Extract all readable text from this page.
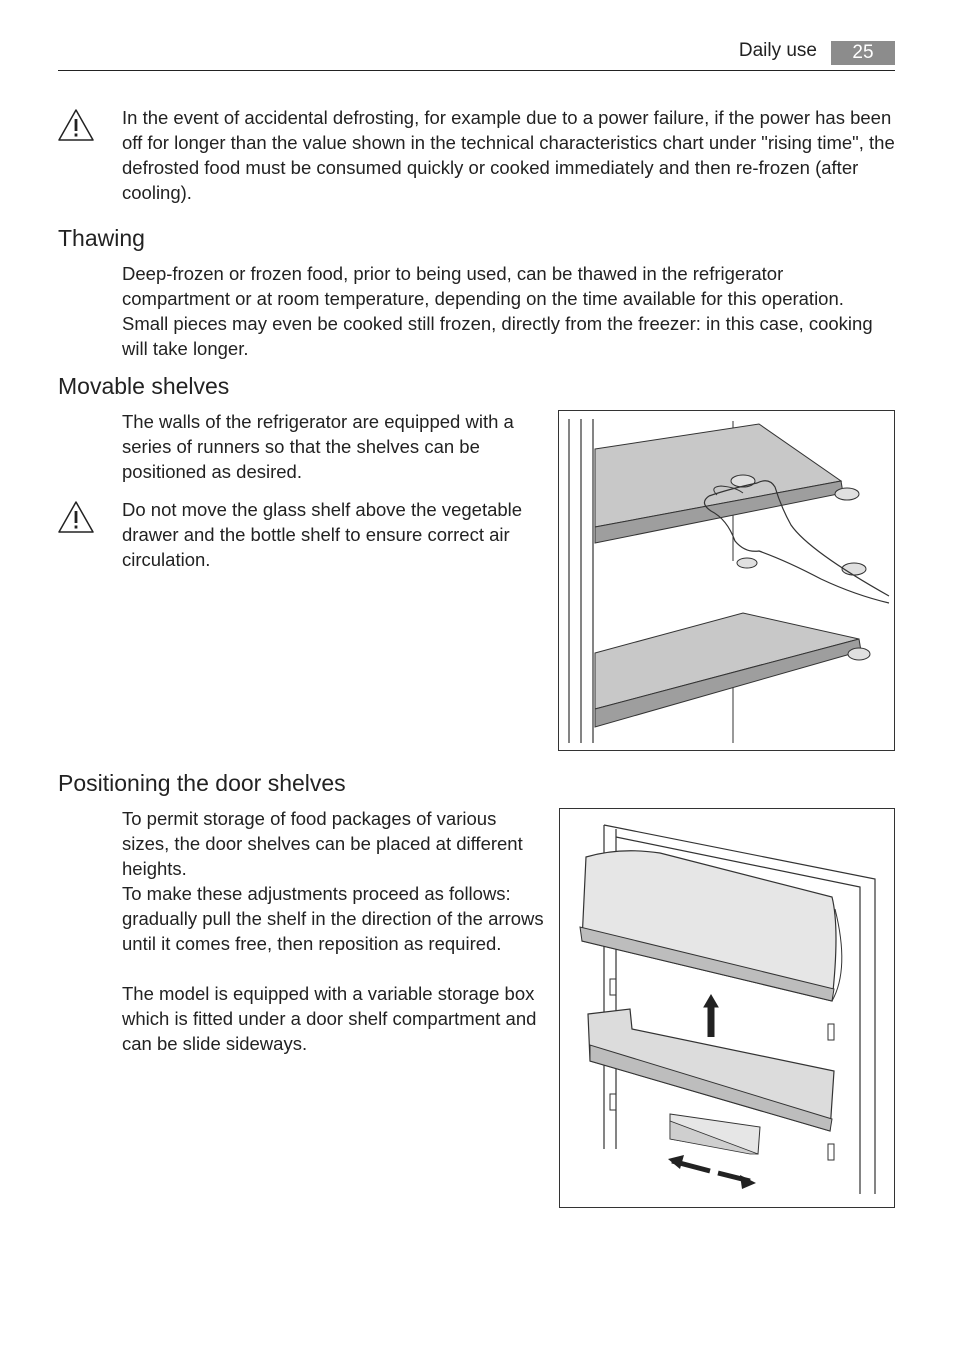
Daily use	25

In the event of accidental defrosting, for example due to a power failure, if the power has been off for longer than the value shown in the technical characteristics chart under "rising time", the defrosted food must be consumed quickly or cooked immediately and then re-frozen (after cooling).

Thawing

Deep-frozen or frozen food, prior to being used, can be thawed in the refrigerator compartment or at room temperature, depending on the time available for this operation.

Small pieces may even be cooked still frozen, directly from the freezer: in this case, cooking will take longer.

Movable shelves

The walls of the refrigerator are equipped with a series of runners so that the shelves can be positioned as desired.

Do not move the glass shelf above the vegetable drawer and the bottle shelf to ensure correct air circulation.

Positioning the door shelves

To permit storage of food packages of various sizes, the door shelves can be placed at different heights.

To make these adjustments proceed as follows: gradually pull the shelf in the direction of the arrows until it comes free, then reposition as required.

The model is equipped with a variable storage box which is fitted under a door shelf compartment and can be slide sideways.
